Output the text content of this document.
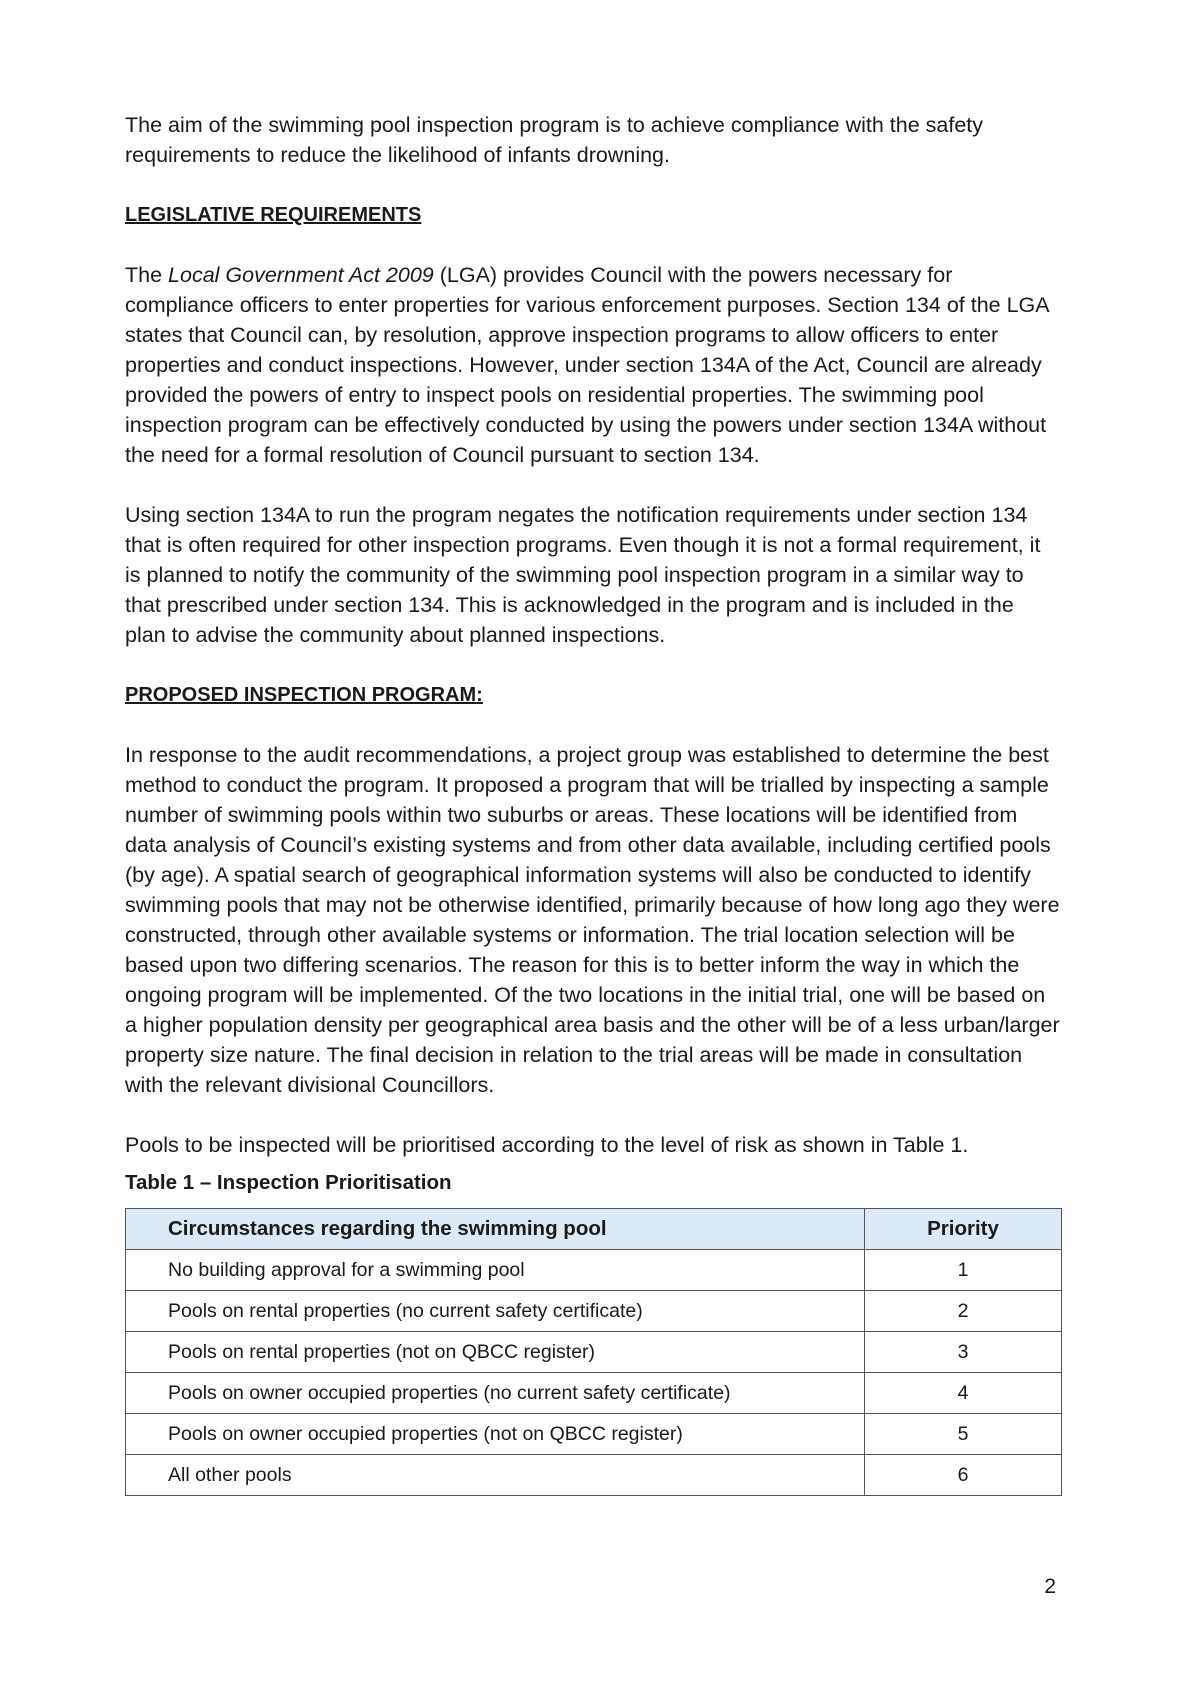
The aim of the swimming pool inspection program is to achieve compliance with the safety requirements to reduce the likelihood of infants drowning.

LEGISLATIVE REQUIREMENTS

The Local Government Act 2009 (LGA) provides Council with the powers necessary for compliance officers to enter properties for various enforcement purposes. Section 134 of the LGA states that Council can, by resolution, approve inspection programs to allow officers to enter properties and conduct inspections. However, under section 134A of the Act, Council are already provided the powers of entry to inspect pools on residential properties. The swimming pool inspection program can be effectively conducted by using the powers under section 134A without the need for a formal resolution of Council pursuant to section 134.

Using section 134A to run the program negates the notification requirements under section 134 that is often required for other inspection programs. Even though it is not a formal requirement, it is planned to notify the community of the swimming pool inspection program in a similar way to that prescribed under section 134. This is acknowledged in the program and is included in the plan to advise the community about planned inspections.

PROPOSED INSPECTION PROGRAM:

In response to the audit recommendations, a project group was established to determine the best method to conduct the program. It proposed a program that will be trialled by inspecting a sample number of swimming pools within two suburbs or areas. These locations will be identified from data analysis of Council’s existing systems and from other data available, including certified pools (by age). A spatial search of geographical information systems will also be conducted to identify swimming pools that may not be otherwise identified, primarily because of how long ago they were constructed, through other available systems or information. The trial location selection will be based upon two differing scenarios. The reason for this is to better inform the way in which the ongoing program will be implemented. Of the two locations in the initial trial, one will be based on a higher population density per geographical area basis and the other will be of a less urban/larger property size nature. The final decision in relation to the trial areas will be made in consultation with the relevant divisional Councillors.

Pools to be inspected will be prioritised according to the level of risk as shown in Table 1.

Table 1 – Inspection Prioritisation
Circumstances regarding the swimming pool	Priority
No building approval for a swimming pool	1
Pools on rental properties (no current safety certificate)	2
Pools on rental properties (not on QBCC register)	3
Pools on owner occupied properties (no current safety certificate)	4
Pools on owner occupied properties (not on QBCC register)	5
All other pools	6
2
